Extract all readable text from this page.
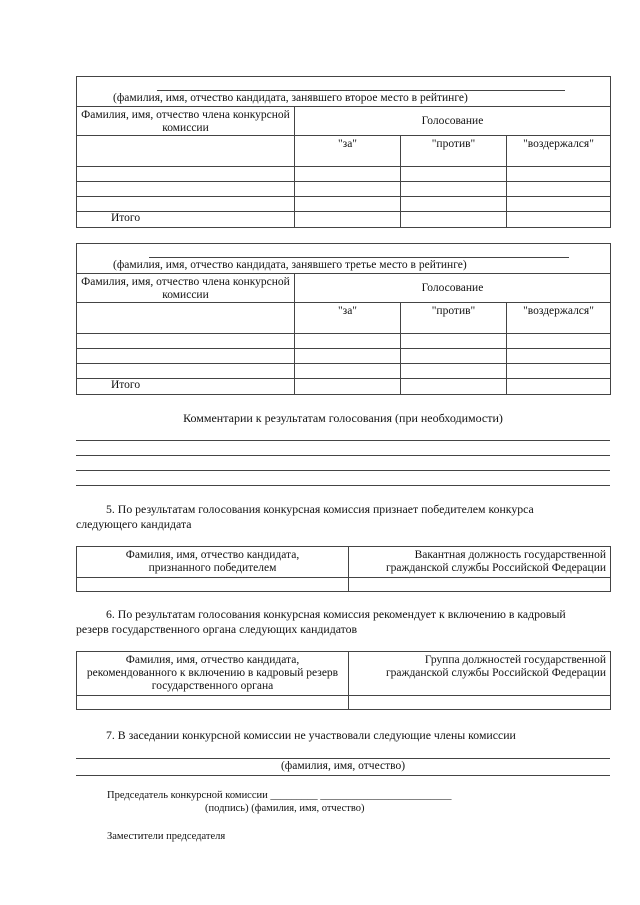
(фамилия, имя, отчество кандидата, занявшего второе место в рейтинге)			

Фамилия, имя, отчество члена конкурсной комиссии	Голосование		
	"за"	"против"	"воздержался"

Итого			
(фамилия, имя, отчество кандидата, занявшего третье место в рейтинге)			

Фамилия, имя, отчество члена конкурсной комиссии	Голосование		
	"за"	"против"	"воздержался"

Итого			
Комментарии к результатам голосования (при необходимости)
5. По результатам голосования конкурсная комиссия признает победителем конкурса следующего кандидата
Фамилия, имя, отчество кандидата, признанного победителем	Вакантная должность государственной гражданской службы Российской Федерации

6. По результатам голосования конкурсная комиссия рекомендует к включению в кадровый резерв государственного органа следующих кандидатов
Фамилия, имя, отчество кандидата, рекомендованного к включению в кадровый резерв государственного органа	Группа должностей государственной гражданской службы Российской Федерации

7. В заседании конкурсной комиссии не участвовали следующие члены комиссии
(фамилия, имя, отчество)
Председатель конкурсной комиссии _________ _________________________
(подпись) (фамилия, имя, отчество)
Заместители председателя
